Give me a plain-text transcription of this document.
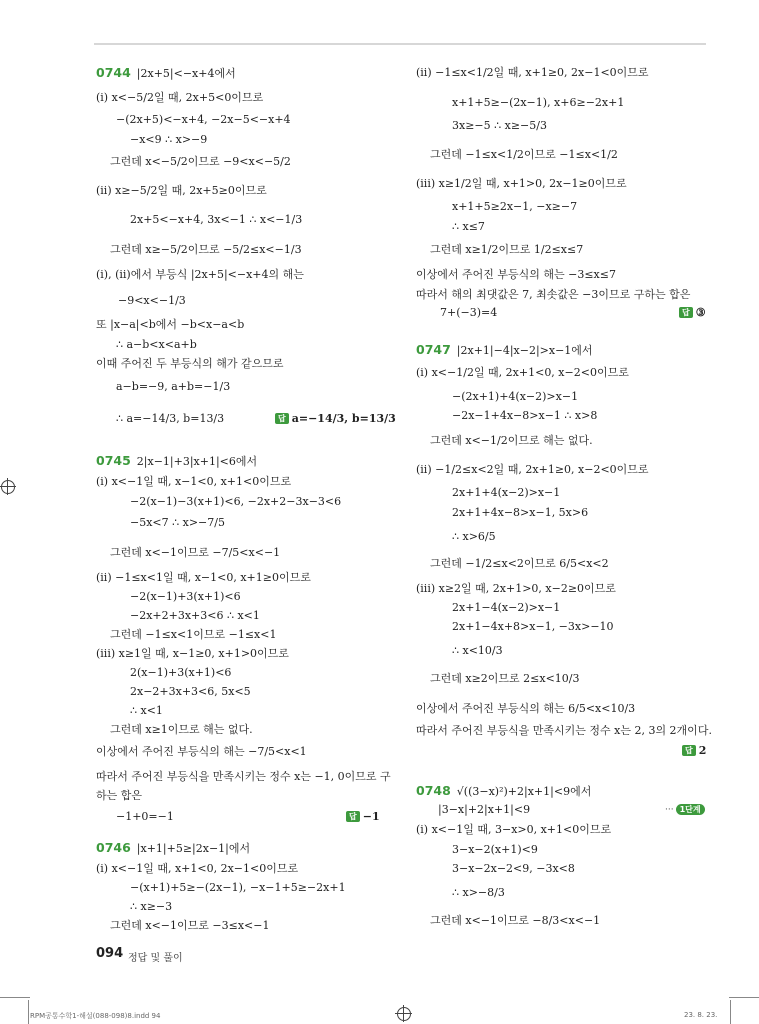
0744 |2x+5|<−x+4에서
(i) x<−5/2일 때, 2x+5<0이므로
−(2x+5)<−x+4, −2x−5<−x+4
−x<9 ∴ x>−9
그런데 x<−5/2이므로 −9<x<−5/2
(ii) x≥−5/2일 때, 2x+5≥0이므로
2x+5<−x+4, 3x<−1 ∴ x<−1/3
그런데 x≥−5/2이므로 −5/2≤x<−1/3
(i), (ii)에서 부등식 |2x+5|<−x+4의 해는
−9<x<−1/3
또 |x−a|<b에서 −b<x−a<b
∴ a−b<x<a+b
이때 주어진 두 부등식의 해가 같으므로
a−b=−9, a+b=−1/3
∴ a=−14/3, b=13/3	답 a=−14/3, b=13/3
0745 2|x−1|+3|x+1|<6에서
(i) x<−1일 때, x−1<0, x+1<0이므로
−2(x−1)−3(x+1)<6, −2x+2−3x−3<6
−5x<7 ∴ x>−7/5
그런데 x<−1이므로 −7/5<x<−1
(ii) −1≤x<1일 때, x−1<0, x+1≥0이므로
−2(x−1)+3(x+1)<6
−2x+2+3x+3<6 ∴ x<1
그런데 −1≤x<1이므로 −1≤x<1
(iii) x≥1일 때, x−1≥0, x+1>0이므로
2(x−1)+3(x+1)<6
2x−2+3x+3<6, 5x<5
∴ x<1
그런데 x≥1이므로 해는 없다.
이상에서 주어진 부등식의 해는 −7/5<x<1
따라서 주어진 부등식을 만족시키는 정수 x는 −1, 0이므로 구
하는 합은
−1+0=−1	답 −1
0746 |x+1|+5≥|2x−1|에서
(i) x<−1일 때, x+1<0, 2x−1<0이므로
−(x+1)+5≥−(2x−1), −x−1+5≥−2x+1
∴ x≥−3
그런데 x<−1이므로 −3≤x<−1
(ii) −1≤x<1/2일 때, x+1≥0, 2x−1<0이므로
x+1+5≥−(2x−1), x+6≥−2x+1
3x≥−5 ∴ x≥−5/3
그런데 −1≤x<1/2이므로 −1≤x<1/2
(iii) x≥1/2일 때, x+1>0, 2x−1≥0이므로
x+1+5≥2x−1, −x≥−7
∴ x≤7
그런데 x≥1/2이므로 1/2≤x≤7
이상에서 주어진 부등식의 해는 −3≤x≤7
따라서 해의 최댓값은 7, 최솟값은 −3이므로 구하는 합은
7+(−3)=4	답 ③
0747 |2x+1|−4|x−2|>x−1에서
(i) x<−1/2일 때, 2x+1<0, x−2<0이므로
−(2x+1)+4(x−2)>x−1
−2x−1+4x−8>x−1 ∴ x>8
그런데 x<−1/2이므로 해는 없다.
(ii) −1/2≤x<2일 때, 2x+1≥0, x−2<0이므로
2x+1+4(x−2)>x−1
2x+1+4x−8>x−1, 5x>6
∴ x>6/5
그런데 −1/2≤x<2이므로 6/5<x<2
(iii) x≥2일 때, 2x+1>0, x−2≥0이므로
2x+1−4(x−2)>x−1
2x+1−4x+8>x−1, −3x>−10
∴ x<10/3
그런데 x≥2이므로 2≤x<10/3
이상에서 주어진 부등식의 해는 6/5<x<10/3
따라서 주어진 부등식을 만족시키는 정수 x는 2, 3의 2개이다.
답 2
0748 √((3−x)²)+2|x+1|<9에서
|3−x|+2|x+1|<9	··· 1단계
(i) x<−1일 때, 3−x>0, x+1<0이므로
3−x−2(x+1)<9
3−x−2x−2<9, −3x<8
∴ x>−8/3
그런데 x<−1이므로 −8/3<x<−1
094 정답 및 풀이
RPM공통수학1-해설(088-098)8.indd 94	23. 8. 23.
